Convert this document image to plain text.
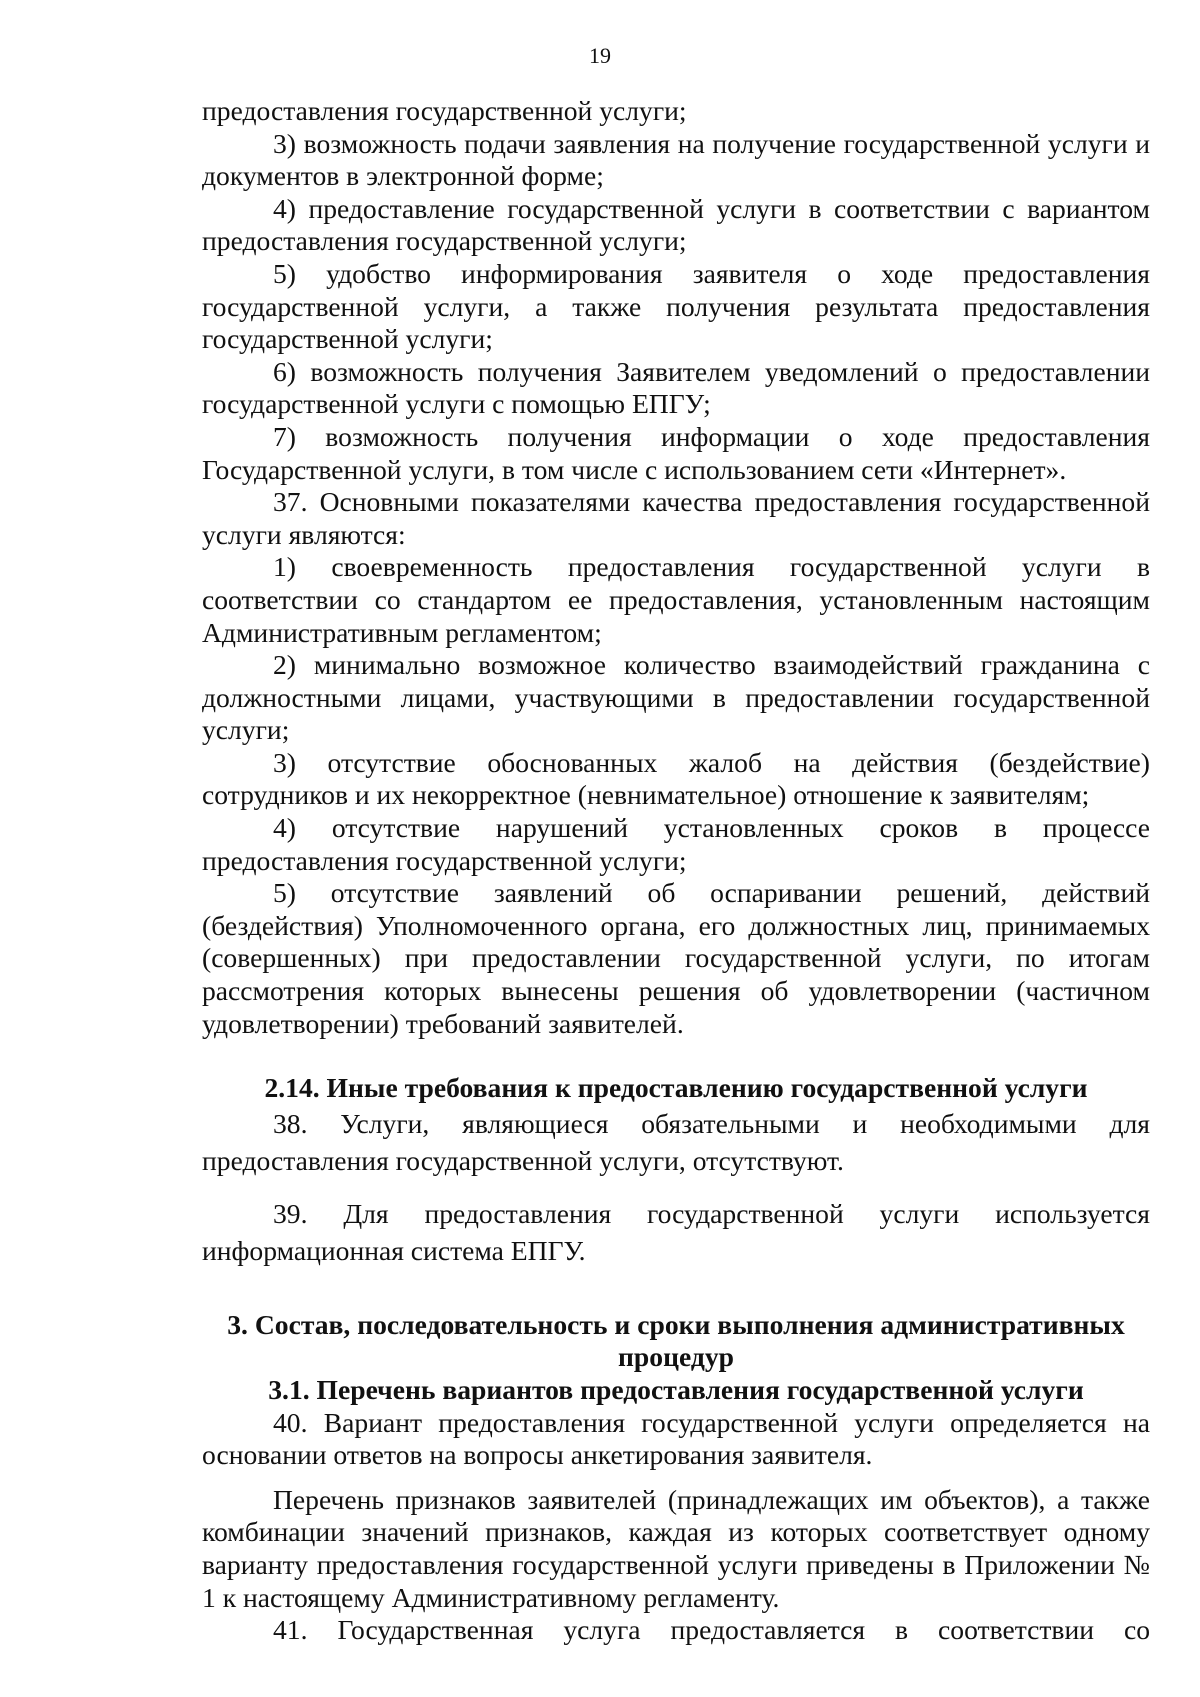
19

предоставления государственной услуги;

3) возможность подачи заявления на получение государственной услуги и документов в электронной форме;

4) предоставление государственной услуги в соответствии с вариантом предоставления государственной услуги;

5) удобство информирования заявителя о ходе предоставления государственной услуги, а также получения результата предоставления государственной услуги;

6) возможность получения Заявителем уведомлений о предоставлении государственной услуги с помощью ЕПГУ;

7) возможность получения информации о ходе предоставления Государственной услуги, в том числе с использованием сети «Интернет».

37. Основными показателями качества предоставления государственной услуги являются:

1) своевременность предоставления государственной услуги в соответствии со стандартом ее предоставления, установленным настоящим Административным регламентом;

2) минимально возможное количество взаимодействий гражданина с должностными лицами, участвующими в предоставлении государственной услуги;

3) отсутствие обоснованных жалоб на действия (бездействие) сотрудников и их некорректное (невнимательное) отношение к заявителям;

4) отсутствие нарушений установленных сроков в процессе предоставления государственной услуги;

5) отсутствие заявлений об оспаривании решений, действий (бездействия) Уполномоченного органа, его должностных лиц, принимаемых (совершенных) при предоставлении государственной услуги, по итогам рассмотрения которых вынесены решения об удовлетворении (частичном удовлетворении) требований заявителей.

2.14. Иные требования к предоставлению государственной услуги

38. Услуги, являющиеся обязательными и необходимыми для предоставления государственной услуги, отсутствуют.

39. Для предоставления государственной услуги используется информационная система ЕПГУ.

3. Состав, последовательность и сроки выполнения административных процедур
3.1. Перечень вариантов предоставления государственной услуги

40. Вариант предоставления государственной услуги определяется на основании ответов на вопросы анкетирования заявителя.

Перечень признаков заявителей (принадлежащих им объектов), а также комбинации значений признаков, каждая из которых соответствует одному варианту предоставления государственной услуги приведены в Приложении № 1 к настоящему Административному регламенту.

41. Государственная услуга предоставляется в соответствии со
